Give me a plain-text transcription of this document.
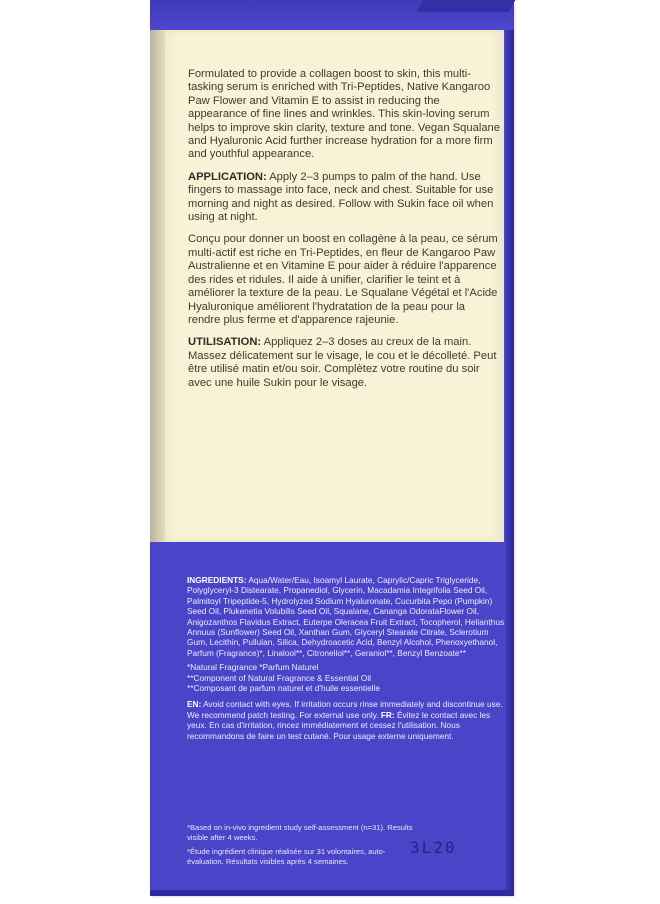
Formulated to provide a collagen boost to skin, this multi-tasking serum is enriched with Tri-Peptides, Native Kangaroo Paw Flower and Vitamin E to assist in reducing the appearance of fine lines and wrinkles. This skin-loving serum helps to improve skin clarity, texture and tone. Vegan Squalane and Hyaluronic Acid further increase hydration for a more firm and youthful appearance.

APPLICATION: Apply 2–3 pumps to palm of the hand. Use fingers to massage into face, neck and chest. Suitable for use morning and night as desired. Follow with Sukin face oil when using at night.

Conçu pour donner un boost en collagène à la peau, ce sérum multi-actif est riche en Tri-Peptides, en fleur de Kangaroo Paw Australienne et en Vitamine E pour aider à réduire l'apparence des rides et ridules. Il aide à unifier, clarifier le teint et à améliorer la texture de la peau. Le Squalane Végétal et l'Acide Hyaluronique améliorent l'hydratation de la peau pour la rendre plus ferme et d'apparence rajeunie.

UTILISATION: Appliquez 2–3 doses au creux de la main. Massez délicatement sur le visage, le cou et le décolleté. Peut être utilisé matin et/ou soir. Complètez votre routine du soir avec une huile Sukin pour le visage.

INGREDIENTS: Aqua/Water/Eau, Isoamyl Laurate, Caprylic/Capric Triglyceride, Polyglyceryl-3 Distearate, Propanediol, Glycerin, Macadamia Integrifolia Seed Oil, Palmitoyl Tripeptide-5, Hydrolyzed Sodium Hyaluronate, Cucurbita Pepo (Pumpkin) Seed Oil, Plukenetia Volubilis Seed Oil, Squalane, Cananga OdorataFlower Oil, Anigozanthos Flavidus Extract, Euterpe Oleracea Fruit Extract, Tocopherol, Helianthus Annuus (Sunflower) Seed Oil, Xanthan Gum, Glyceryl Stearate Citrate, Sclerotium Gum, Lecithin, Pullulan, Silica, Dehydroacetic Acid, Benzyl Alcohol, Phenoxyethanol, Parfum (Fragrance)*, Linalool**, Citronellol**, Geraniol**, Benzyl Benzoate**

*Natural Fragrance *Parfum Naturel
**Component of Natural Fragrance & Essential Oil
**Composant de parfum naturel et d'huile essentielle

EN: Avoid contact with eyes. If irritation occurs rinse immediately and discontinue use. We recommend patch testing. For external use only. FR: Évitez le contact avec les yeux. En cas d'irritation, rincez immédiatement et cessez l'utilisation. Nous recommandons de faire un test cutané. Pour usage externe uniquement.

*Based on in-vivo ingredient study self-assessment (n=31). Results visible after 4 weeks.

*Étude ingrédient clinique réalisée sur 31 volontaires, auto-évaluation. Résultats visibles après 4 semaines.

3L20
